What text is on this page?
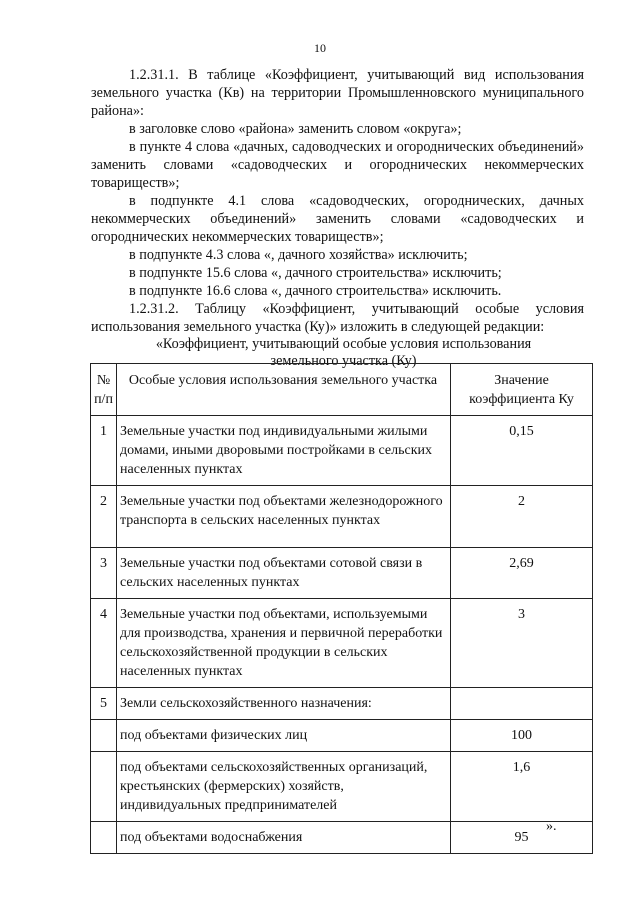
10

1.2.31.1. В таблице «Коэффициент, учитывающий вид использования земельного участка (Кв) на территории Промышленновского муниципального района»:

в заголовке слово «района» заменить словом «округа»;

в пункте 4 слова «дачных, садоводческих и огороднических объединений» заменить словами «садоводческих и огороднических некоммерческих товариществ»;

в подпункте 4.1 слова «садоводческих, огороднических, дачных некоммерческих объединений» заменить словами «садоводческих и огороднических некоммерческих товариществ»;

в подпункте 4.3 слова «, дачного хозяйства» исключить;

в подпункте 15.6 слова «, дачного строительства» исключить;

в подпункте 16.6 слова «, дачного строительства» исключить.

1.2.31.2. Таблицу «Коэффициент, учитывающий особые условия использования земельного участка (Ку)» изложить в следующей редакции:

«Коэффициент, учитывающий особые условия использования

земельного участка (Ку)

№ п/п	Особые условия использования земельного участка	Значение коэффициента Ку
1	Земельные участки под индивидуальными жилыми домами, иными дворовыми постройками в сельских населенных пунктах	0,15
2	Земельные участки под объектами железнодорожного транспорта в сельских населенных пунктах	2
3	Земельные участки под объектами сотовой связи в сельских населенных пунктах	2,69
4	Земельные участки под объектами, используемыми для производства, хранения и первичной переработки сельскохозяйственной продукции в сельских населенных пунктах	3
5	Земли сельскохозяйственного назначения:	
	под объектами физических лиц	100
	под объектами сельскохозяйственных организаций, крестьянских (фермерских) хозяйств, индивидуальных предпринимателей	1,6
	под объектами водоснабжения	95
».
